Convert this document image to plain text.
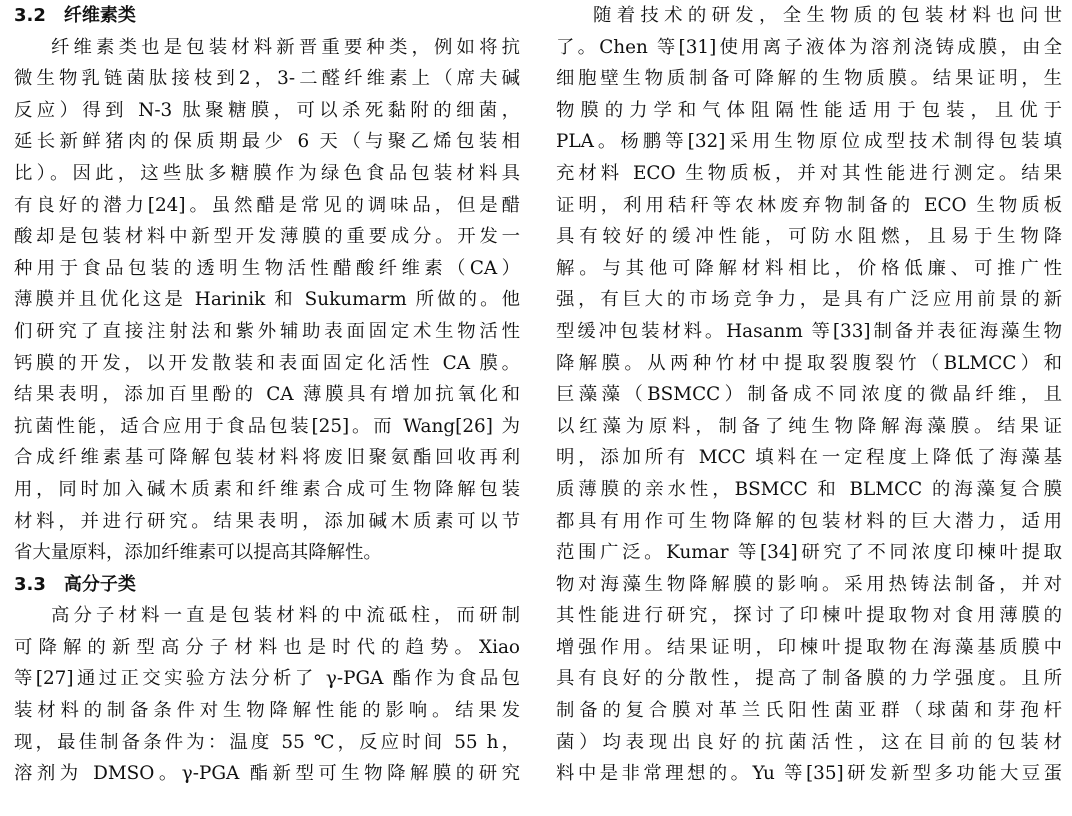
3.2 纤维素类
纤维素类也是包装材料新晋重要种类，例如将抗
微生物乳链菌肽接枝到2，3-二醛纤维素上（席夫碱
反应）得到 N-3 肽聚糖膜，可以杀死黏附的细菌，
延长新鲜猪肉的保质期最少 6 天（与聚乙烯包装相
比）。因此，这些肽多糖膜作为绿色食品包装材料具
有良好的潜力[24]。虽然醋是常见的调味品，但是醋
酸却是包装材料中新型开发薄膜的重要成分。开发一
种用于食品包装的透明生物活性醋酸纤维素（CA）
薄膜并且优化这是 Harinik 和 Sukumarm 所做的。他
们研究了直接注射法和紫外辅助表面固定术生物活性
钙膜的开发，以开发散装和表面固定化活性 CA 膜。
结果表明，添加百里酚的 CA 薄膜具有增加抗氧化和
抗菌性能，适合应用于食品包装[25]。而 Wang[26] 为
合成纤维素基可降解包装材料将废旧聚氨酯回收再利
用，同时加入碱木质素和纤维素合成可生物降解包装
材料，并进行研究。结果表明，添加碱木质素可以节
省大量原料，添加纤维素可以提高其降解性。
3.3 高分子类
高分子材料一直是包装材料的中流砥柱，而研制
可降解的新型高分子材料也是时代的趋势。Xiao
等[27]通过正交实验方法分析了 γ-PGA 酯作为食品包
装材料的制备条件对生物降解性能的影响。结果发
现，最佳制备条件为：温度 55 ℃，反应时间 55 h，
溶剂为 DMSO。γ-PGA 酯新型可生物降解膜的研究
随着技术的研发，全生物质的包装材料也问世
了。Chen 等[31]使用离子液体为溶剂浇铸成膜，由全
细胞壁生物质制备可降解的生物质膜。结果证明，生
物膜的力学和气体阻隔性能适用于包装，且优于
PLA。杨鹏等[32]采用生物原位成型技术制得包装填
充材料 ECO 生物质板，并对其性能进行测定。结果
证明，利用秸秆等农林废弃物制备的 ECO 生物质板
具有较好的缓冲性能，可防水阻燃，且易于生物降
解。与其他可降解材料相比，价格低廉、可推广性
强，有巨大的市场竞争力，是具有广泛应用前景的新
型缓冲包装材料。Hasanm 等[33]制备并表征海藻生物
降解膜。从两种竹材中提取裂腹裂竹（BLMCC）和
巨藻藻（BSMCC）制备成不同浓度的微晶纤维，且
以红藻为原料，制备了纯生物降解海藻膜。结果证
明，添加所有 MCC 填料在一定程度上降低了海藻基
质薄膜的亲水性，BSMCC 和 BLMCC 的海藻复合膜
都具有用作可生物降解的包装材料的巨大潜力，适用
范围广泛。Kumar 等[34]研究了不同浓度印楝叶提取
物对海藻生物降解膜的影响。采用热铸法制备，并对
其性能进行研究，探讨了印楝叶提取物对食用薄膜的
增强作用。结果证明，印楝叶提取物在海藻基质膜中
具有良好的分散性，提高了制备膜的力学强度。且所
制备的复合膜对革兰氏阳性菌亚群（球菌和芽孢杆
菌）均表现出良好的抗菌活性，这在目前的包装材
料中是非常理想的。Yu 等[35]研发新型多功能大豆蛋
